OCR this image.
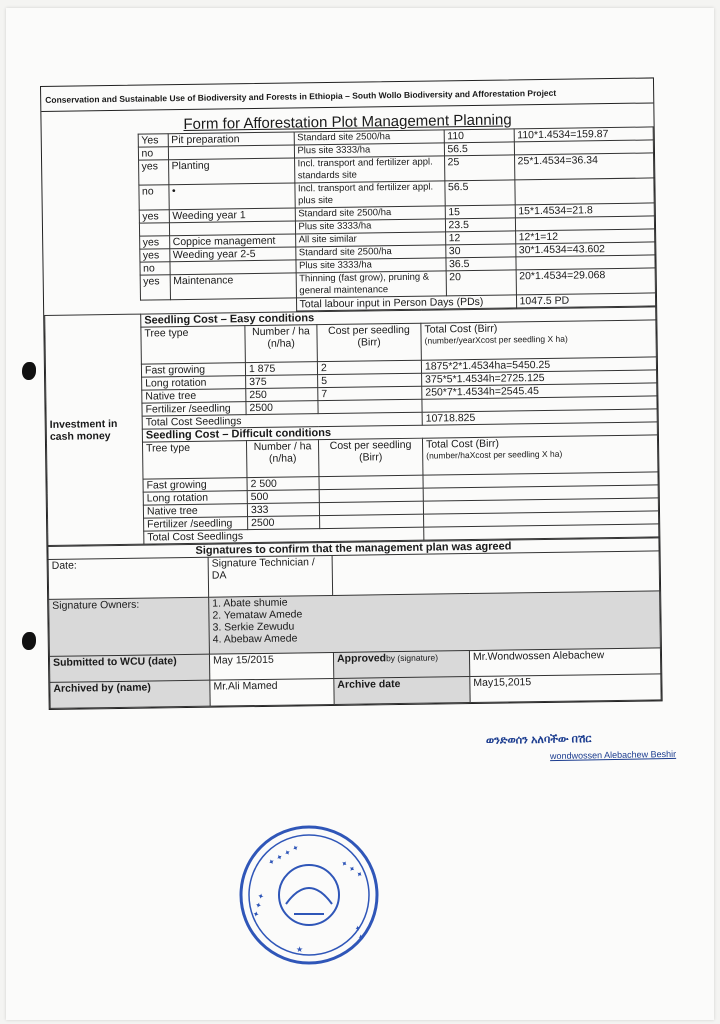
Conservation and Sustainable Use of Biodiversity and Forests in Ethiopia – South Wollo Biodiversity and Afforestation Project
Form for Afforestation Plot Management Planning
	Yes	Pit preparation	Standard site 2500/ha	110	110*1.4534=159.87
	no		Plus site 3333/ha	56.5	
	yes	Planting	Incl. transport and fertilizer appl. standards site	25	25*1.4534=36.34
	no	•	Incl. transport and fertilizer appl. plus site	56.5	
	yes	Weeding year 1	Standard site 2500/ha	15	15*1.4534=21.8
			Plus site 3333/ha	23.5	
	yes	Coppice management	All site similar	12	12*1=12
	yes	Weeding year 2-5	Standard site 2500/ha	30	30*1.4534=43.602
	no		Plus site 3333/ha	36.5	
	yes	Maintenance	Thinning (fast grow), pruning & general maintenance	20	20*1.4534=29.068
			Total labour input in Person Days (PDs)		1047.5 PD
Investment in cash money	Seedling Cost – Easy conditions			
	Tree type	Number / ha (n/ha)	Cost per seedling (Birr)	Total Cost (Birr)
(number/yearXcost per seedling X ha)

	Fast growing	1 875	2	1875*2*1.4534ha=5450.25
	Long rotation	375	5	375*5*1.4534h=2725.125
	Native tree	250	7	250*7*1.4534h=2545.45
	Fertilizer /seedling	2500		
	Total Cost Seedlings			10718.825
	Seedling Cost – Difficult conditions			
	Tree type	Number / ha (n/ha)	Cost per seedling (Birr)	Total Cost (Birr)
(number/haXcost per seedling X ha)

	Fast growing	2 500		
	Long rotation	500		
	Native tree	333		
	Fertilizer /seedling	2500		
	Total Cost Seedlings			
Signatures to confirm that the management plan was agreed			
Date:	Signature Technician / DA		
Signature Owners:	1. Abate shumie
2. Yemataw Amede
3. Serkie Zewudu
4. Abebaw Amede		

Submitted to WCU (date)	May 15/2015	Approvedby (signature)	Mr.Wondwossen Alebachew
Archived by (name)	Mr.Ali Mamed	Archive date	May15,2015
ወንድወሰን አለባችው በሽር
wondwossen Alebachew Beshir
✦ ✦ ✦ ✦
✦ ✦ ✦
✦ ✦ ✦
✦ ✦
★
